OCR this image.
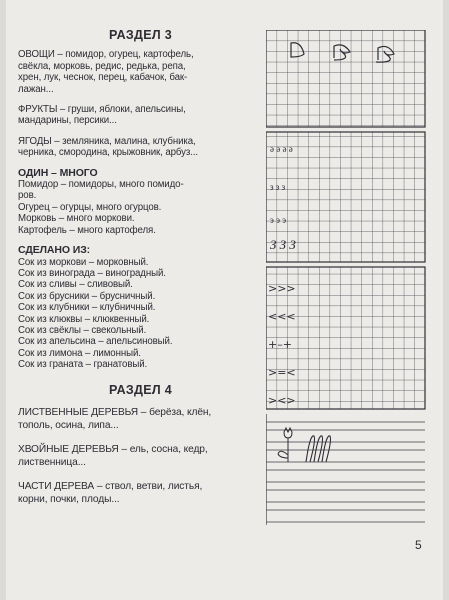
РАЗДЕЛ 3
ОВОЩИ – помидор, огурец, картофель,
свёкла, морковь, редис, редька, репа,
хрен, лук, чеснок, перец, кабачок, бак-
лажан...
ФРУКТЫ – груши, яблоки, апельсины,
мандарины, персики...
ЯГОДЫ – земляника, малина, клубника,
черника, смородина, крыжовник, арбуз...
ОДИН – МНОГО
Помидор – помидоры, много помидо-
ров.
Огурец – огурцы, много огурцов.
Морковь – много моркови.
Картофель – много картофеля.
СДЕЛАНО ИЗ:
Сок из моркови – морковный.
Сок из винограда – виноградный.
Сок из сливы – сливовый.
Сок из брусники – брусничный.
Сок из клубники – клубничный.
Сок из клюквы – клюквенный.
Сок из свёклы – свекольный.
Сок из апельсина – апельсиновый.
Сок из лимона – лимонный.
Сок из граната – гранатовый.
РАЗДЕЛ 4
ЛИСТВЕННЫЕ ДЕРЕВЬЯ – берёза, клён,
тополь, осина, липа...
ХВОЙНЫЕ ДЕРЕВЬЯ – ель, сосна, кедр,
лиственница...
ЧАСТИ ДЕРЕВА – ствол, ветви, листья,
корни, почки, плоды...
ә ә ә ә
з з з
э э э
З З З
>>>
<<<
+–+
>=<
><>
5
